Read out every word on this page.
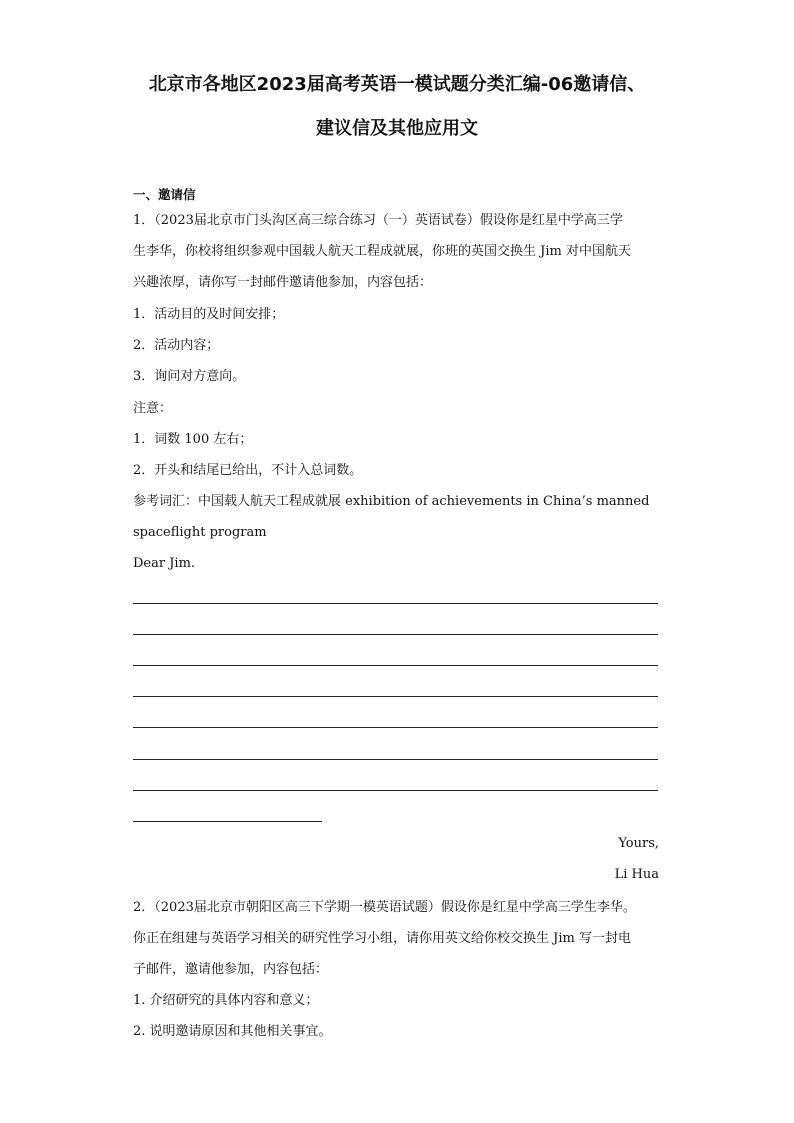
北京市各地区2023届高考英语一模试题分类汇编-06邀请信、
建议信及其他应用文
一、邀请信
1．（2023届北京市门头沟区高三综合练习（一）英语试卷）假设你是红星中学高三学
生李华，你校将组织参观中国载人航天工程成就展，你班的英国交换生 Jim 对中国航天
兴趣浓厚，请你写一封邮件邀请他参加，内容包括：
1．活动目的及时间安排；
2．活动内容；
3．询问对方意向。
注意：
1．词数 100 左右；
2．开头和结尾已给出，不计入总词数。
参考词汇：中国载人航天工程成就展 exhibition of achievements in China’s manned
spaceflight program
Dear Jim.
Yours,
Li Hua
2．（2023届北京市朝阳区高三下学期一模英语试题）假设你是红星中学高三学生李华。
你正在组建与英语学习相关的研究性学习小组，请你用英文给你校交换生 Jim 写一封电
子邮件，邀请他参加，内容包括：
1. 介绍研究的具体内容和意义；
2. 说明邀请原因和其他相关事宜。
